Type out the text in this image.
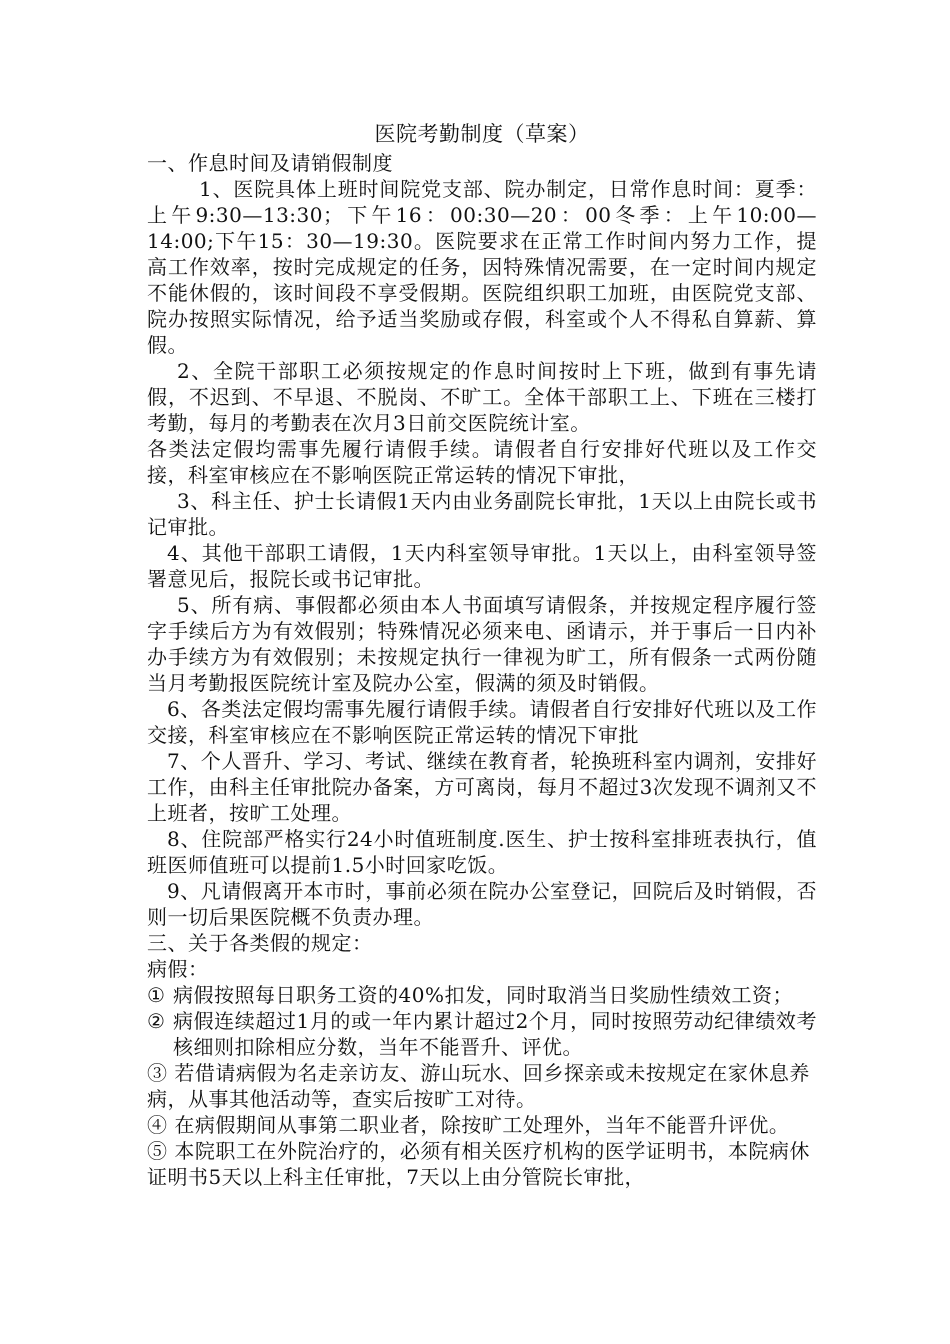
医院考勤制度（草案）

一、作息时间及请销假制度

1、医院具体上班时间院党支部、院办制定，日常作息时间：夏季：上午9:30—13:30；下午16：00:30—20：00冬季：上午10:00—14:00;下午15：30—19:30。医院要求在正常工作时间内努力工作，提高工作效率，按时完成规定的任务，因特殊情况需要，在一定时间内规定不能休假的，该时间段不享受假期。医院组织职工加班，由医院党支部、院办按照实际情况，给予适当奖励或存假，科室或个人不得私自算薪、算假。

2、全院干部职工必须按规定的作息时间按时上下班，做到有事先请假，不迟到、不早退、不脱岗、不旷工。全体干部职工上、下班在三楼打考勤，每月的考勤表在次月3日前交医院统计室。

各类法定假均需事先履行请假手续。请假者自行安排好代班以及工作交接，科室审核应在不影响医院正常运转的情况下审批，

3、科主任、护士长请假1天内由业务副院长审批，1天以上由院长或书记审批。

4、其他干部职工请假，1天内科室领导审批。1天以上，由科室领导签署意见后，报院长或书记审批。

5、所有病、事假都必须由本人书面填写请假条，并按规定程序履行签字手续后方为有效假别；特殊情况必须来电、函请示，并于事后一日内补办手续方为有效假别；未按规定执行一律视为旷工，所有假条一式两份随当月考勤报医院统计室及院办公室，假满的须及时销假。

6、各类法定假均需事先履行请假手续。请假者自行安排好代班以及工作交接，科室审核应在不影响医院正常运转的情况下审批

7、个人晋升、学习、考试、继续在教育者，轮换班科室内调剂，安排好工作，由科主任审批院办备案，方可离岗，每月不超过3次发现不调剂又不上班者，按旷工处理。

8、住院部严格实行24小时值班制度.医生、护士按科室排班表执行，值班医师值班可以提前1.5小时回家吃饭。

9、凡请假离开本市时，事前必须在院办公室登记，回院后及时销假，否则一切后果医院概不负责办理。

三、关于各类假的规定：

病假：

① 病假按照每日职务工资的40%扣发，同时取消当日奖励性绩效工资；
② 病假连续超过1月的或一年内累计超过2个月，同时按照劳动纪律绩效考核细则扣除相应分数，当年不能晋升、评优。
③ 若借请病假为名走亲访友、游山玩水、回乡探亲或未按规定在家休息养病，从事其他活动等，查实后按旷工对待。
④ 在病假期间从事第二职业者，除按旷工处理外，当年不能晋升评优。
⑤ 本院职工在外院治疗的，必须有相关医疗机构的医学证明书，本院病休证明书5天以上科主任审批，7天以上由分管院长审批，
